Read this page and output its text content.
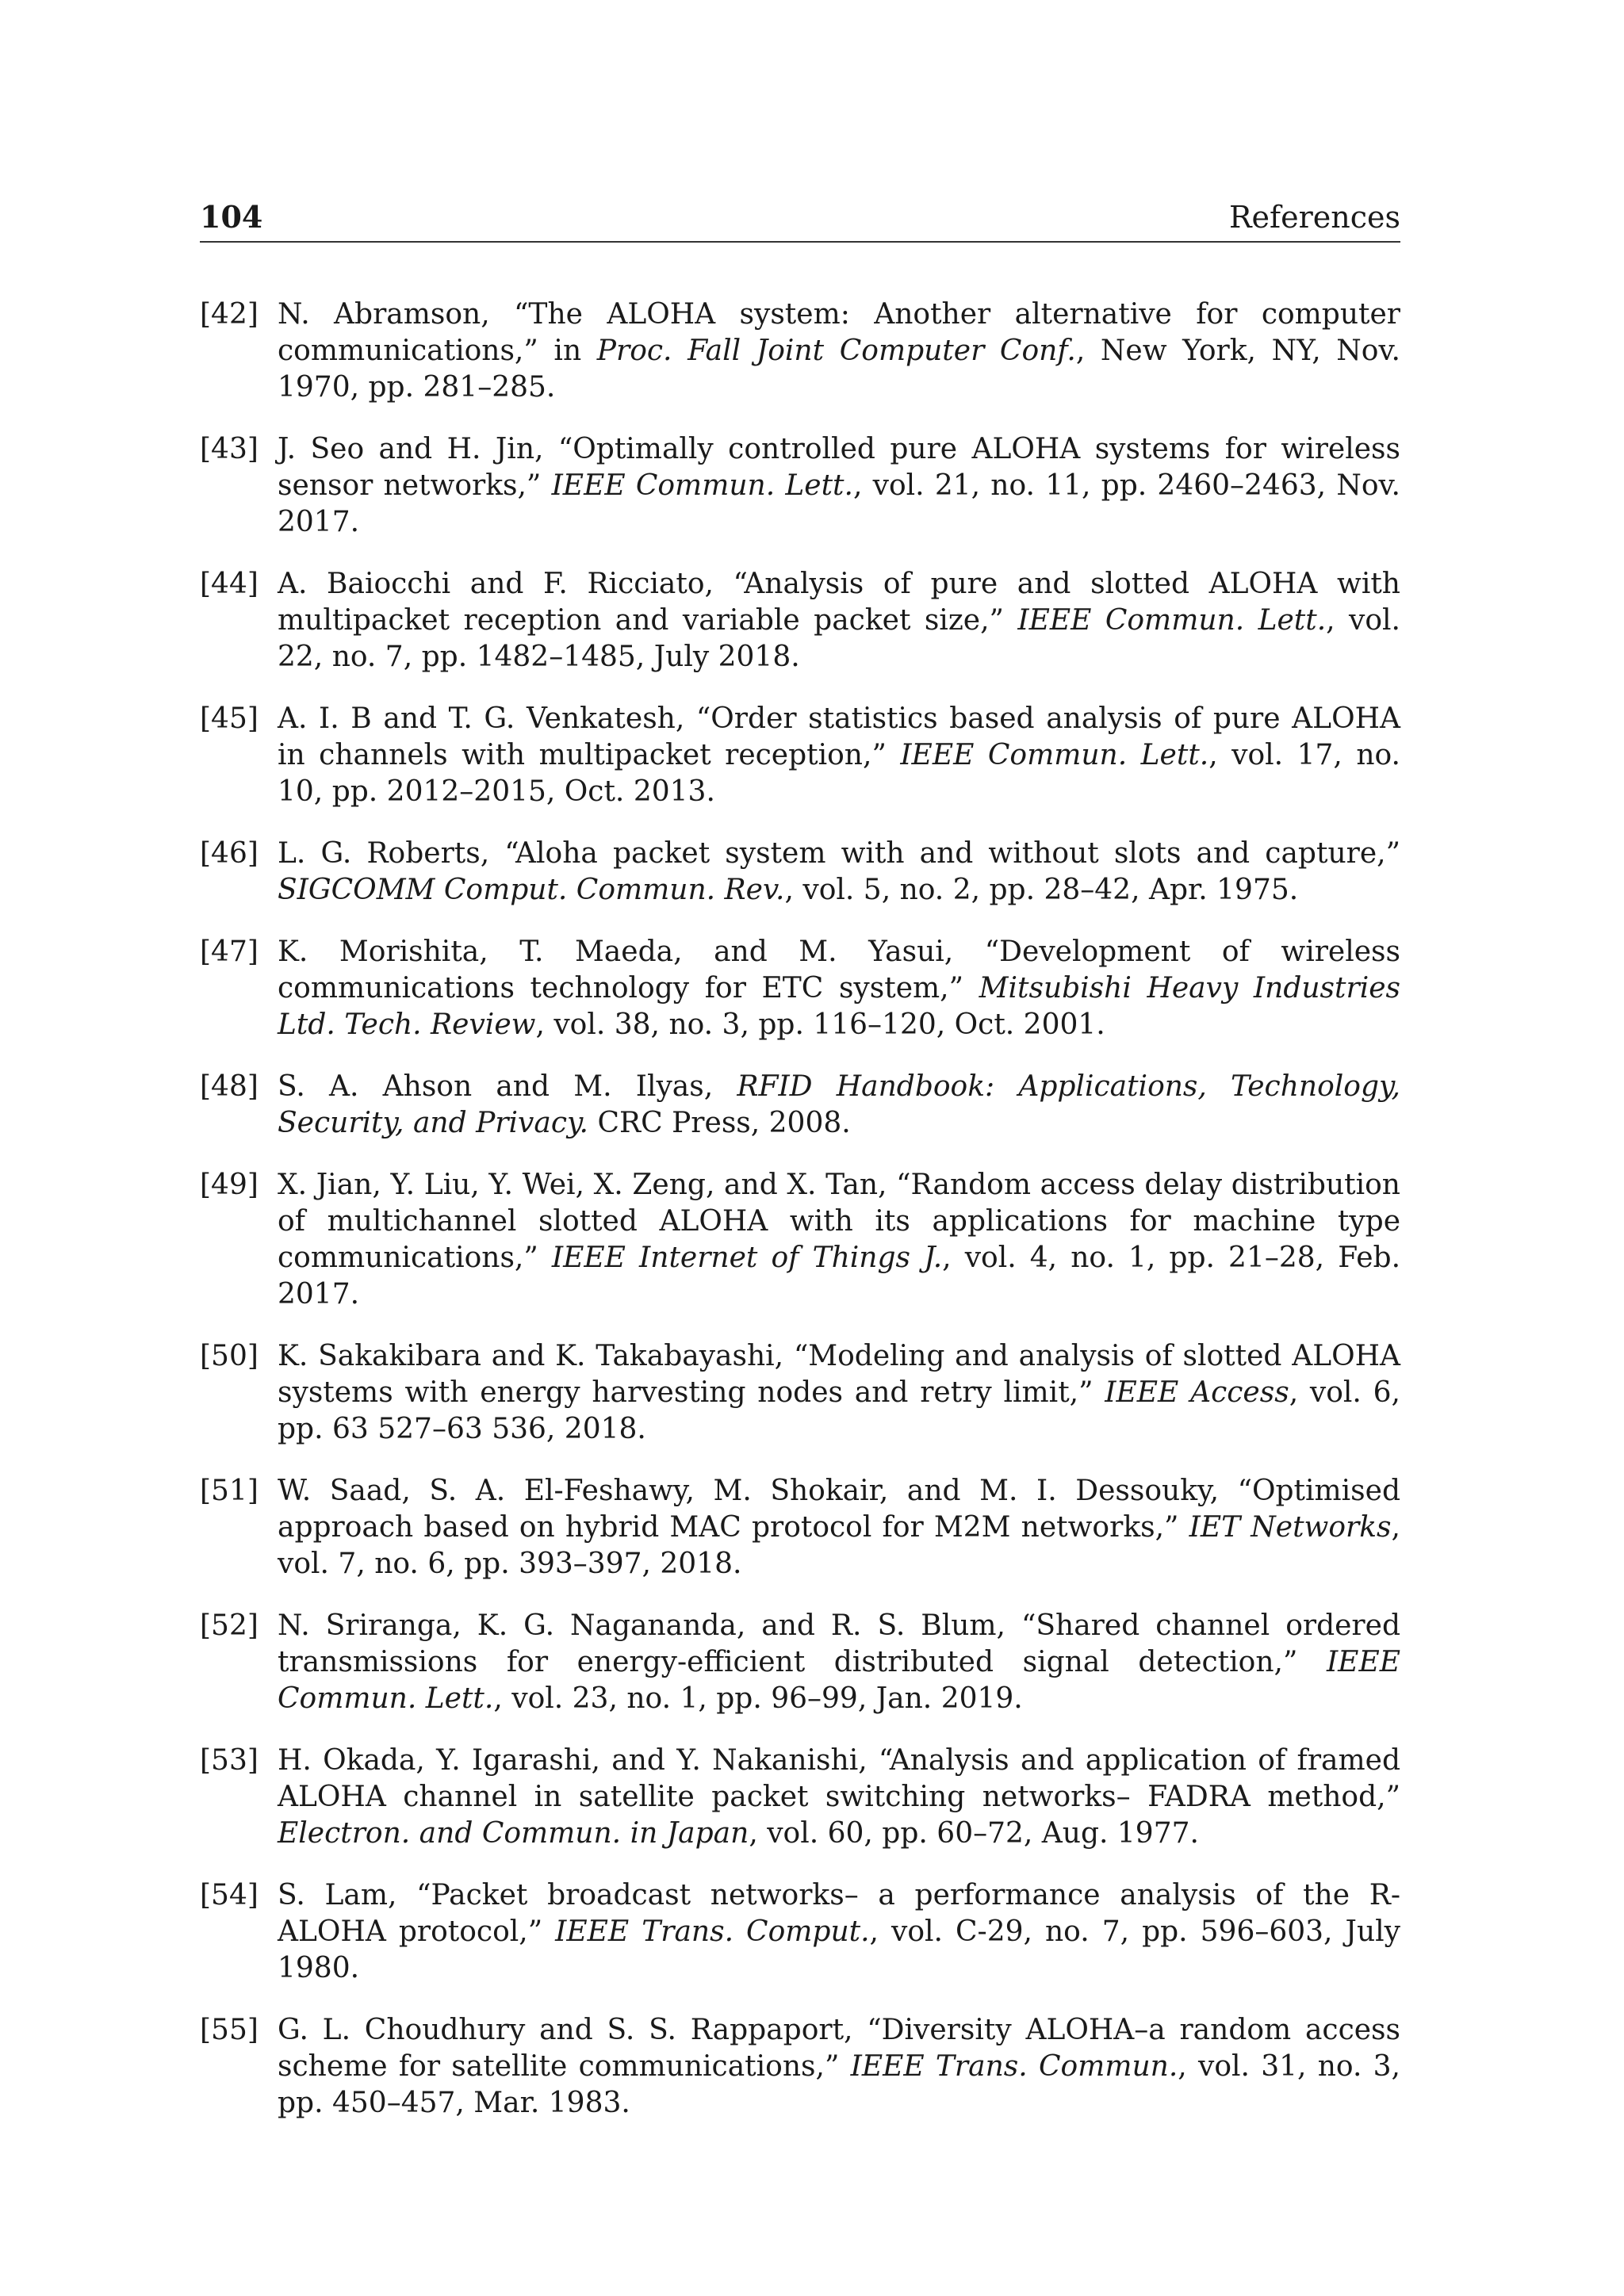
104	References
[42] N. Abramson, “The ALOHA system: Another alternative for computer communications,” in Proc. Fall Joint Computer Conf., New York, NY, Nov. 1970, pp. 281–285.
[43] J. Seo and H. Jin, “Optimally controlled pure ALOHA systems for wireless sensor networks,” IEEE Commun. Lett., vol. 21, no. 11, pp. 2460–2463, Nov. 2017.
[44] A. Baiocchi and F. Ricciato, “Analysis of pure and slotted ALOHA with multipacket reception and variable packet size,” IEEE Commun. Lett., vol. 22, no. 7, pp. 1482–1485, July 2018.
[45] A. I. B and T. G. Venkatesh, “Order statistics based analysis of pure ALOHA in channels with multipacket reception,” IEEE Commun. Lett., vol. 17, no. 10, pp. 2012–2015, Oct. 2013.
[46] L. G. Roberts, “Aloha packet system with and without slots and capture,” SIGCOMM Comput. Commun. Rev., vol. 5, no. 2, pp. 28–42, Apr. 1975.
[47] K. Morishita, T. Maeda, and M. Yasui, “Development of wireless communications technology for ETC system,” Mitsubishi Heavy Industries Ltd. Tech. Review, vol. 38, no. 3, pp. 116–120, Oct. 2001.
[48] S. A. Ahson and M. Ilyas, RFID Handbook: Applications, Technology, Security, and Privacy. CRC Press, 2008.
[49] X. Jian, Y. Liu, Y. Wei, X. Zeng, and X. Tan, “Random access delay distribution of multichannel slotted ALOHA with its applications for machine type communications,” IEEE Internet of Things J., vol. 4, no. 1, pp. 21–28, Feb. 2017.
[50] K. Sakakibara and K. Takabayashi, “Modeling and analysis of slotted ALOHA systems with energy harvesting nodes and retry limit,” IEEE Access, vol. 6, pp. 63 527–63 536, 2018.
[51] W. Saad, S. A. El-Feshawy, M. Shokair, and M. I. Dessouky, “Optimised approach based on hybrid MAC protocol for M2M networks,” IET Networks, vol. 7, no. 6, pp. 393–397, 2018.
[52] N. Sriranga, K. G. Nagananda, and R. S. Blum, “Shared channel ordered transmissions for energy-efficient distributed signal detection,” IEEE Commun. Lett., vol. 23, no. 1, pp. 96–99, Jan. 2019.
[53] H. Okada, Y. Igarashi, and Y. Nakanishi, “Analysis and application of framed ALOHA channel in satellite packet switching networks– FADRA method,” Electron. and Commun. in Japan, vol. 60, pp. 60–72, Aug. 1977.
[54] S. Lam, “Packet broadcast networks– a performance analysis of the R-ALOHA protocol,” IEEE Trans. Comput., vol. C-29, no. 7, pp. 596–603, July 1980.
[55] G. L. Choudhury and S. S. Rappaport, “Diversity ALOHA–a random access scheme for satellite communications,” IEEE Trans. Commun., vol. 31, no. 3, pp. 450–457, Mar. 1983.
